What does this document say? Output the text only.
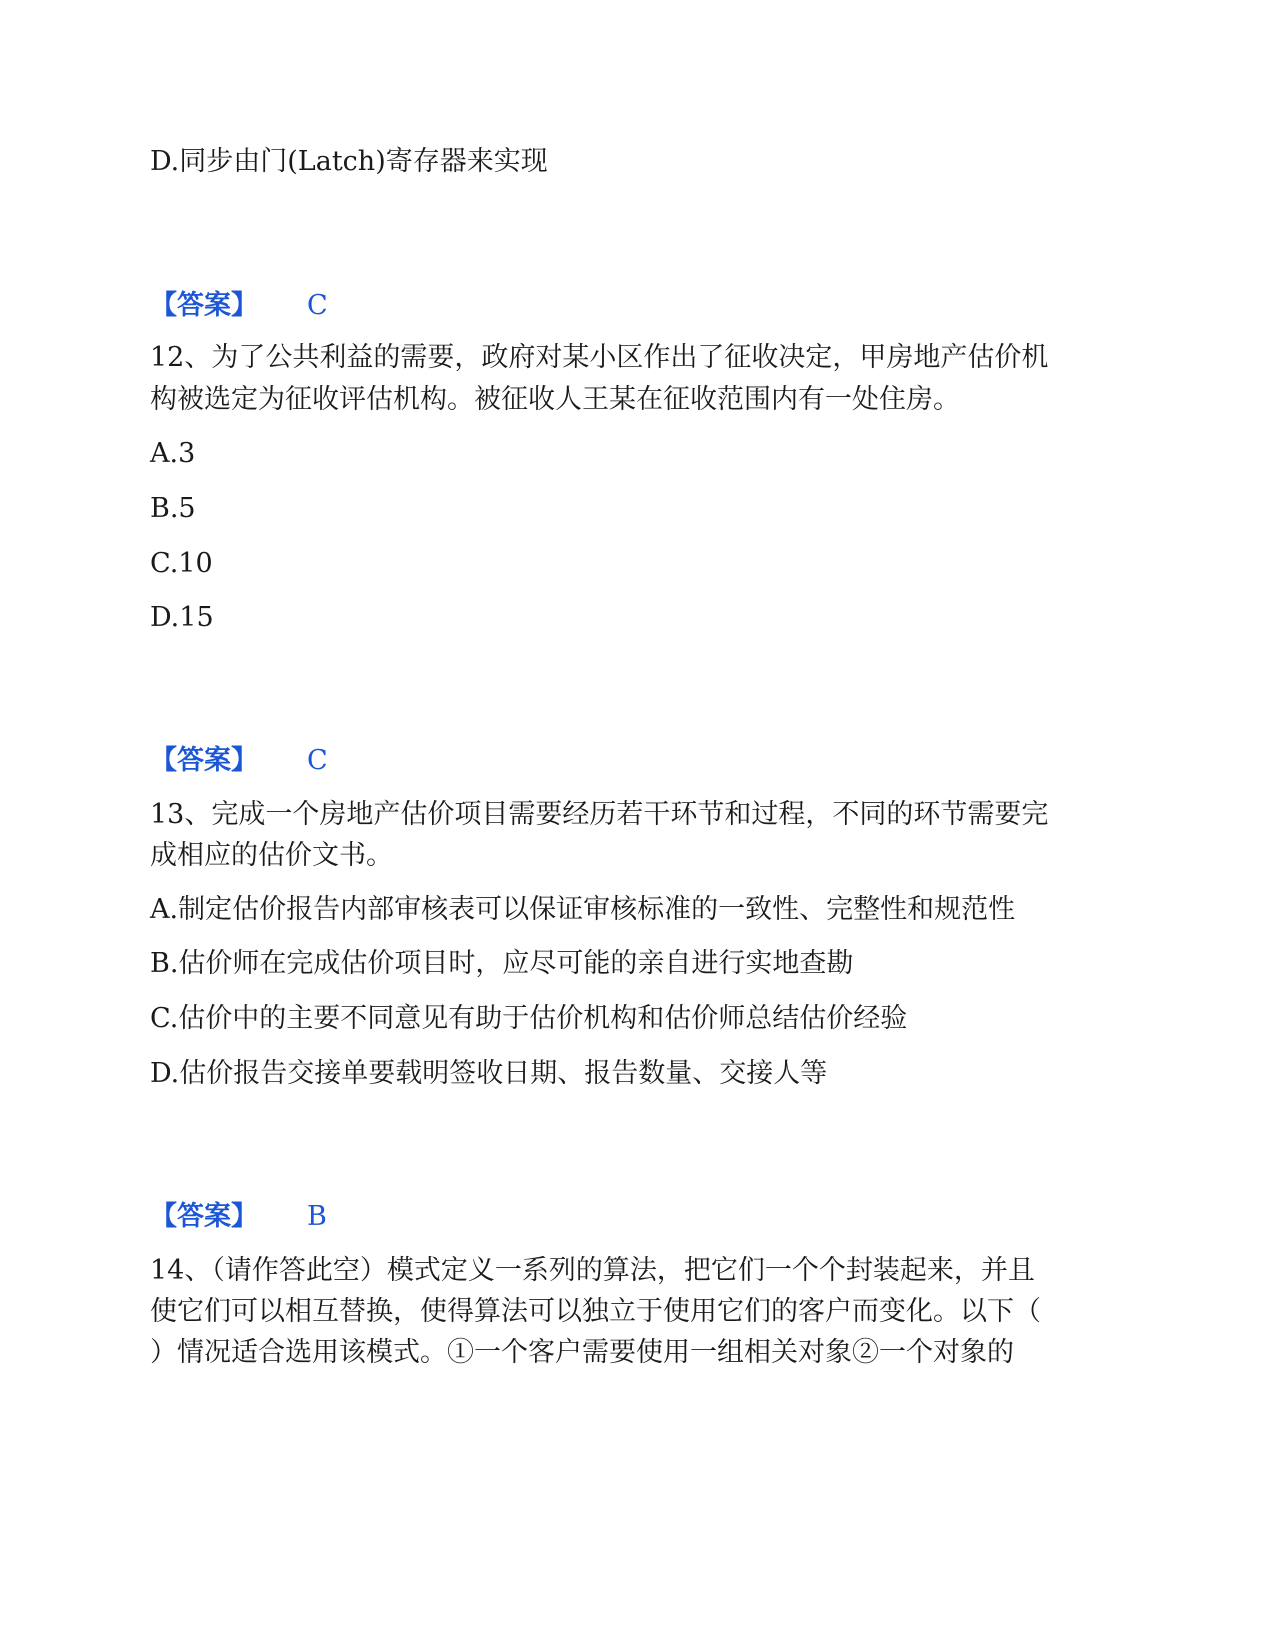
D.同步由门(Latch)寄存器来实现
【答案】 C
12、为了公共利益的需要，政府对某小区作出了征收决定，甲房地产估价机
构被选定为征收评估机构。被征收人王某在征收范围内有一处住房。
A.3
B.5
C.10
D.15
【答案】 C
13、完成一个房地产估价项目需要经历若干环节和过程，不同的环节需要完
成相应的估价文书。
A.制定估价报告内部审核表可以保证审核标准的一致性、完整性和规范性
B.估价师在完成估价项目时，应尽可能的亲自进行实地查勘
C.估价中的主要不同意见有助于估价机构和估价师总结估价经验
D.估价报告交接单要载明签收日期、报告数量、交接人等
【答案】 B
14、（请作答此空）模式定义一系列的算法，把它们一个个封装起来，并且
使它们可以相互替换，使得算法可以独立于使用它们的客户而变化。以下（
）情况适合选用该模式。①一个客户需要使用一组相关对象②一个对象的
